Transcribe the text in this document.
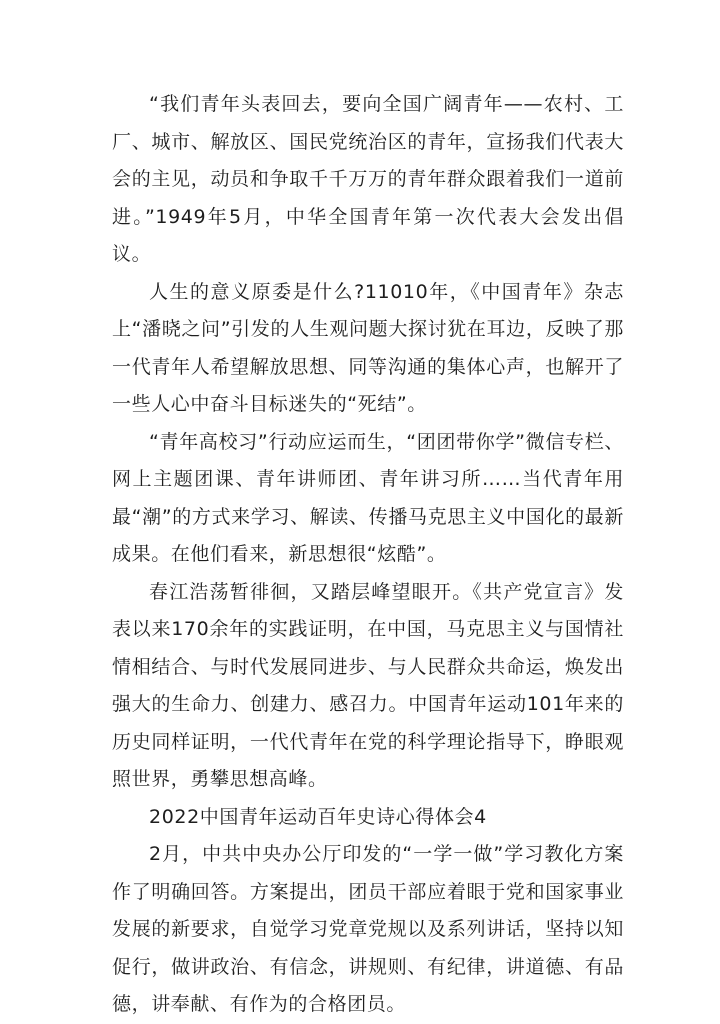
“我们青年头表回去，要向全国广阔青年——农村、工厂、城市、解放区、国民党统治区的青年，宣扬我们代表大会的主见，动员和争取千千万万的青年群众跟着我们一道前进。”1949年5月，中华全国青年第一次代表大会发出倡议。

人生的意义原委是什么?11010年，《中国青年》杂志上“潘晓之问”引发的人生观问题大探讨犹在耳边，反映了那一代青年人希望解放思想、同等沟通的集体心声，也解开了一些人心中奋斗目标迷失的“死结”。

“青年高校习”行动应运而生，“团团带你学”微信专栏、网上主题团课、青年讲师团、青年讲习所……当代青年用最“潮”的方式来学习、解读、传播马克思主义中国化的最新成果。在他们看来，新思想很“炫酷”。

春江浩荡暂徘徊，又踏层峰望眼开。《共产党宣言》发表以来170余年的实践证明，在中国，马克思主义与国情社情相结合、与时代发展同进步、与人民群众共命运，焕发出强大的生命力、创建力、感召力。中国青年运动101年来的历史同样证明，一代代青年在党的科学理论指导下，睁眼观照世界，勇攀思想高峰。

2022中国青年运动百年史诗心得体会4

2月，中共中央办公厅印发的“一学一做”学习教化方案作了明确回答。方案提出，团员干部应着眼于党和国家事业发展的新要求，自觉学习党章党规以及系列讲话，坚持以知促行，做讲政治、有信念，讲规则、有纪律，讲道德、有品德，讲奉献、有作为的合格团员。
